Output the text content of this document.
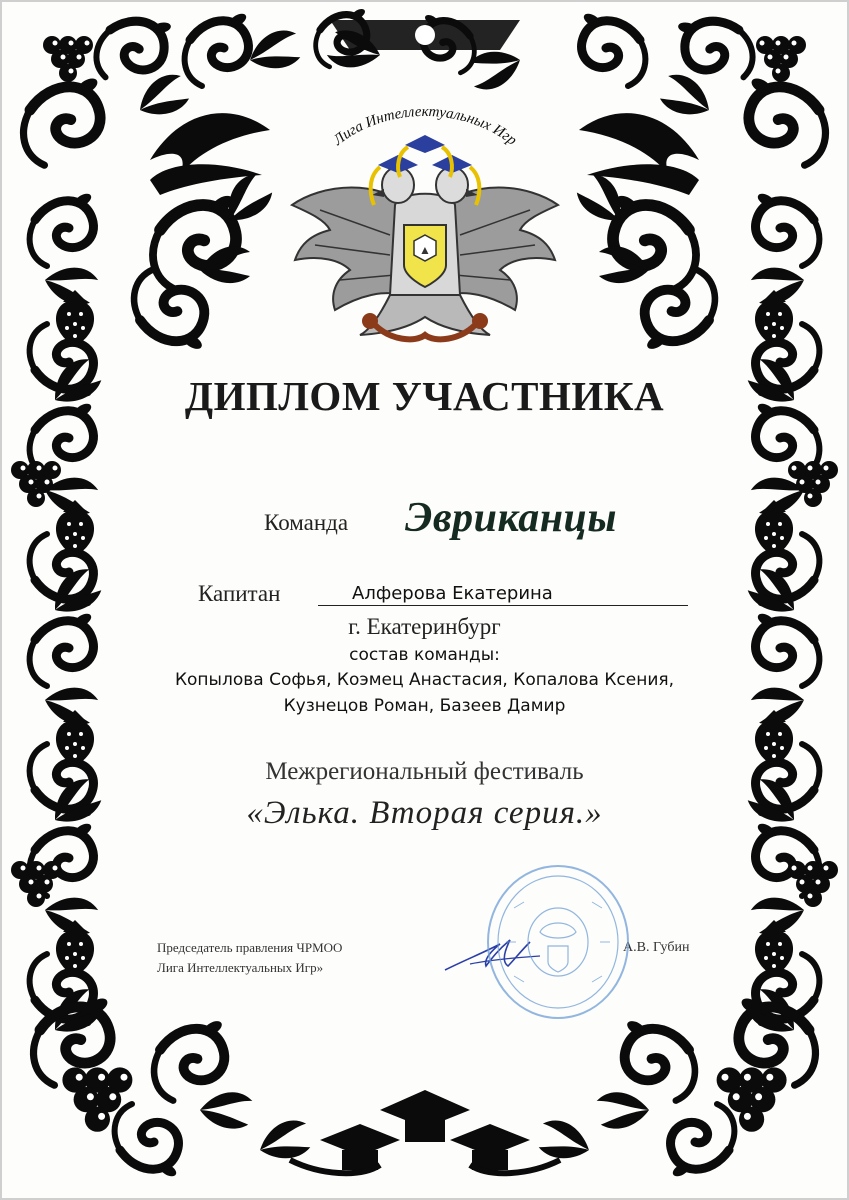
Лига Интеллектуальных Игр
▲
ДИПЛОМ УЧАСТНИКА
Команда Эвриканцы
Капитан	Алферова Екатерина
г. Екатеринбург
состав команды:
Копылова Софья, Коэмец Анастасия, Копалова Ксения,
Кузнецов Роман, Базеев Дамир
Межрегиональный фестиваль
«Элька. Вторая серия.»
Председатель правления ЧРМОО
Лига Интеллектуальных Игр»
А.В. Губин
